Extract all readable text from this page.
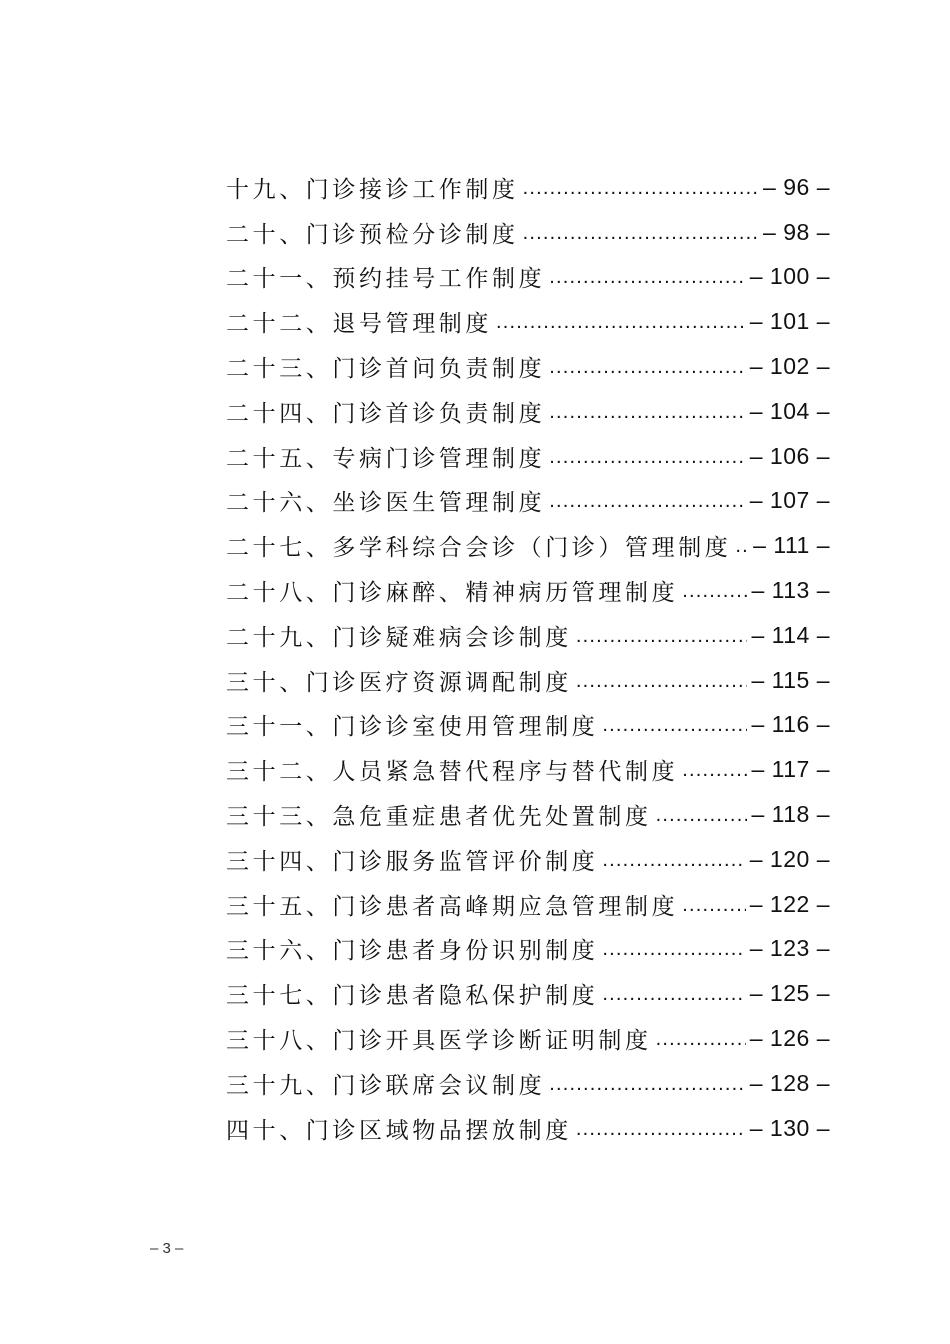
十九、门诊接诊工作制度 .....	– 96 –
二十、门诊预检分诊制度 .....	– 98 –
二十一、预约挂号工作制度 .....	– 100 –
二十二、退号管理制度 .....	– 101 –
二十三、门诊首问负责制度 .....	– 102 –
二十四、门诊首诊负责制度 .....	– 104 –
二十五、专病门诊管理制度 .....	– 106 –
二十六、坐诊医生管理制度 .....	– 107 –
二十七、多学科综合会诊（门诊）管理制度 ..... – 111 –
二十八、门诊麻醉、精神病历管理制度 .....	– 113 –
二十九、门诊疑难病会诊制度 .....	– 114 –
三十、门诊医疗资源调配制度 .....	– 115 –
三十一、门诊诊室使用管理制度 .....	– 116 –
三十二、人员紧急替代程序与替代制度 .....	– 117 –
三十三、急危重症患者优先处置制度 .....	– 118 –
三十四、门诊服务监管评价制度 .....	– 120 –
三十五、门诊患者高峰期应急管理制度 .....	– 122 –
三十六、门诊患者身份识别制度 .....	– 123 –
三十七、门诊患者隐私保护制度 .....	– 125 –
三十八、门诊开具医学诊断证明制度 .....	– 126 –
三十九、门诊联席会议制度 .....	– 128 –
四十、门诊区域物品摆放制度 .....	– 130 –
– 3 –
